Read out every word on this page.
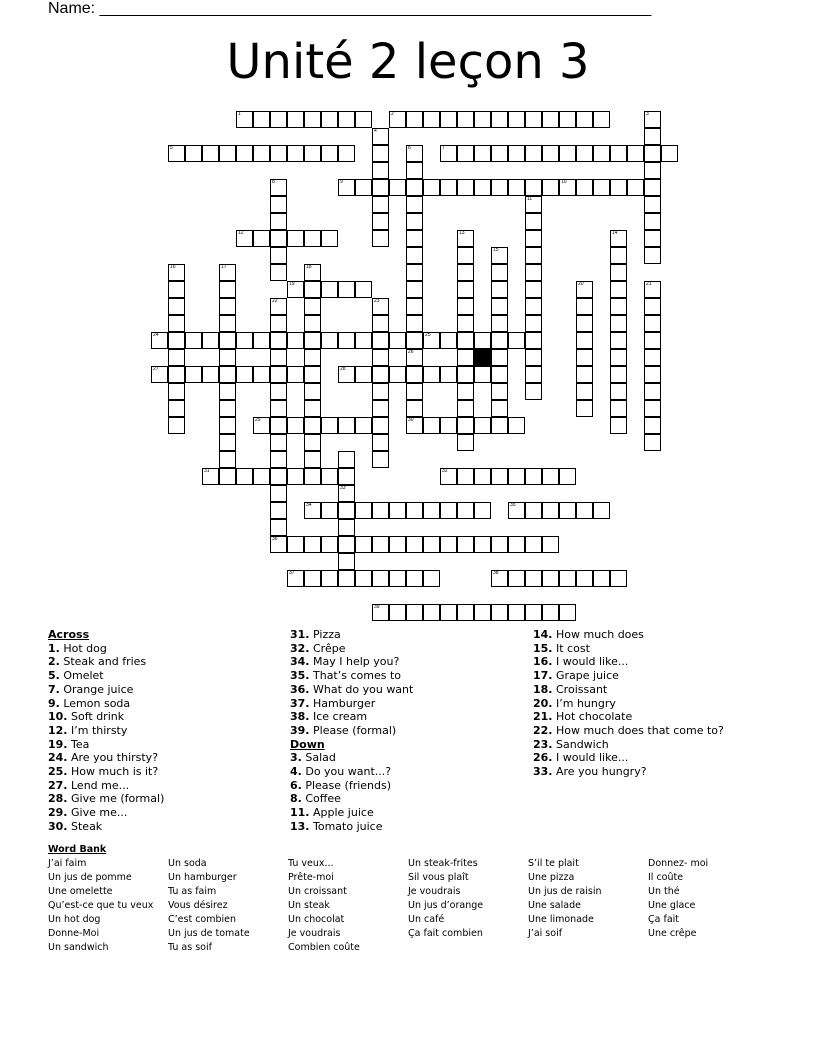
Name: ______________________________________________________________
Unité 2 leçon 3
1	2	3
4
5	6	7
8	9	10
11
12	13	14
15
16	17	18
19	20	21
22	23
24	25
26
27	28
29	30
31	32
33
34	35
36
37	38
39
Across
1. Hot dog
2. Steak and fries
5. Omelet
7. Orange juice
9. Lemon soda
10. Soft drink
12. I’m thirsty
19. Tea
24. Are you thirsty?
25. How much is it?
27. Lend me...
28. Give me (formal)
29. Give me...
30. Steak
31. Pizza
32. Crêpe
34. May I help you?
35. That’s comes to
36. What do you want
37. Hamburger
38. Ice cream
39. Please (formal)
Down
3. Salad
4. Do you want...?
6. Please (friends)
8. Coffee
11. Apple juice
13. Tomato juice
14. How much does
15. It cost
16. I would like...
17. Grape juice
18. Croissant
20. I’m hungry
21. Hot chocolate
22. How much does that come to?
23. Sandwich
26. I would like...
33. Are you hungry?
Word Bank
J’ai faim
Un jus de pomme
Une omelette
Qu’est-ce que tu veux
Un hot dog
Donne-Moi
Un sandwich
Un soda
Un hamburger
Tu as faim
Vous désirez
C’est combien
Un jus de tomate
Tu as soif
Tu veux...
Prête-moi
Un croissant
Un steak
Un chocolat
Je voudrais
Combien coûte
Un steak-frites
Sil vous plaît
Je voudrais
Un jus d’orange
Un café
Ça fait combien
S’il te plait
Une pizza
Un jus de raisin
Une salade
Une limonade
J’ai soif
Donnez- moi
Il coûte
Un thé
Une glace
Ça fait
Une crêpe
